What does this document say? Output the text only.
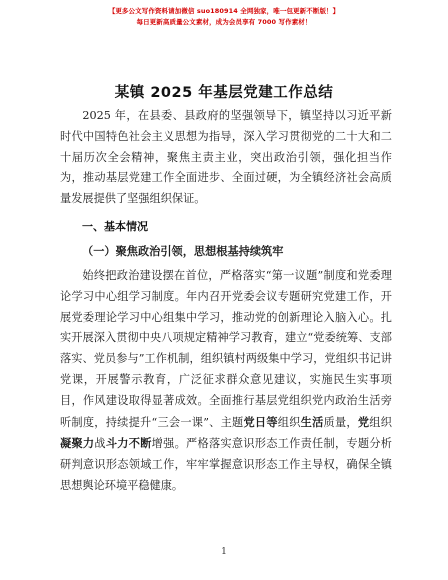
【更多公文写作资料请加微信 suo180914 全网独家，唯一包更新不断版！】
每日更新高质量公文素材，成为会员享有 7000 写作素材！
某镇 2025 年基层党建工作总结

2025 年，在县委、县政府的坚强领导下，镇坚持以习近平新时代中国特色社会主义思想为指导，深入学习贯彻党的二十大和二十届历次全会精神，聚焦主责主业，突出政治引领，强化担当作为，推动基层党建工作全面进步、全面过硬，为全镇经济社会高质量发展提供了坚强组织保证。

一、基本情况
（一）聚焦政治引领，思想根基持续筑牢

始终把政治建设摆在首位，严格落实“第一议题”制度和党委理论学习中心组学习制度。年内召开党委会议专题研究党建工作，开展党委理论学习中心组集中学习，推动党的创新理论入脑入心。扎实开展深入贯彻中央八项规定精神学习教育，建立“党委统筹、支部落实、党员参与”工作机制，组织镇村两级集中学习，党组织书记讲党课，开展警示教育，广泛征求群众意见建议，实施民生实事项目，作风建设取得显著成效。全面推行基层党组织党内政治生活旁听制度，持续提升“三会一课”、主题党日等组织生活质量，党组织凝聚力战斗力不断增强。严格落实意识形态工作责任制，专题分析研判意识形态领域工作，牢牢掌握意识形态工作主导权，确保全镇思想舆论环境平稳健康。

1
